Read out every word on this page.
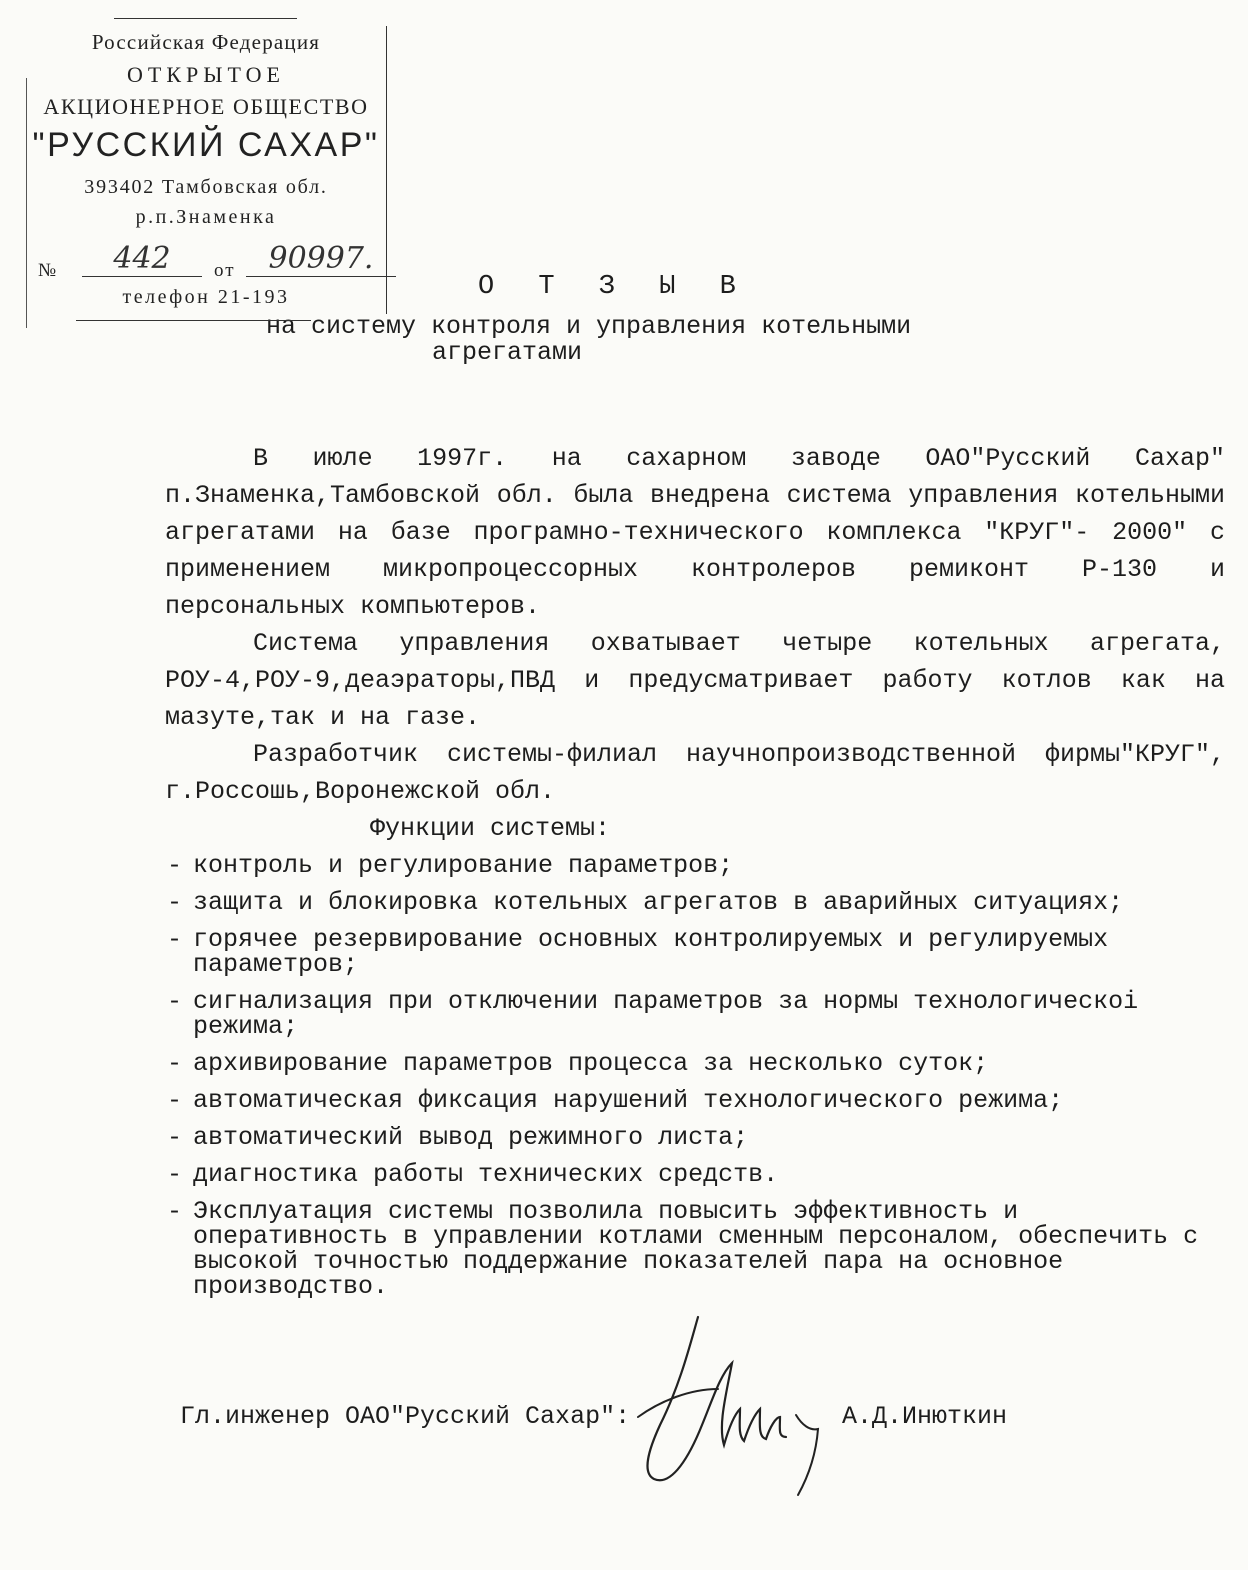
Российская Федерация
ОТКРЫТОЕ
АКЦИОНЕРНОЕ ОБЩЕСТВО
"РУССКИЙ САХАР"
393402 Тамбовская обл.
р.п.Знаменка
№	442	от	90997.
телефон 21-193	О Т З Ы В
на систему контроля и управления котельными
агрегатами

В июле 1997г. на сахарном заводе ОАО"Русский Сахар" п.Знаменка,Тамбовской обл. была внедрена система управления котельными агрегатами на базе програмно-технического комплекса "КРУГ"- 2000" с применением микропроцессорных контролеров ремиконт Р-130 и персональных компьютеров.

Система управления охватывает четыре котельных агрегата, РОУ-4,РОУ-9,деаэраторы,ПВД и предусматривает работу котлов как на мазуте,так и на газе.

Разработчик системы-филиал научнопроизводственной фирмы"КРУГ", г.Россошь,Воронежской обл.

Функции системы:

- контроль и регулирование параметров;
- защита и блокировка котельных агрегатов в аварийных ситуациях;
- горячее резервирование основных контролируемых и регулируемых параметров;
- сигнализация при отключении параметров за нормы технологическоі режима;
- архивирование параметров процесса за несколько суток;
- автоматическая фиксация нарушений технологического режима;
- автоматический вывод режимного листа;
- диагностика работы технических средств.
- Эксплуатация системы позволила повысить эффективность и оперативность в управлении котлами сменным персоналом, обеспечить с высокой точностью поддержание показателей пара на основное производство.
Гл.инженер ОАО"Русский Сахар":	А.Д.Инюткин
